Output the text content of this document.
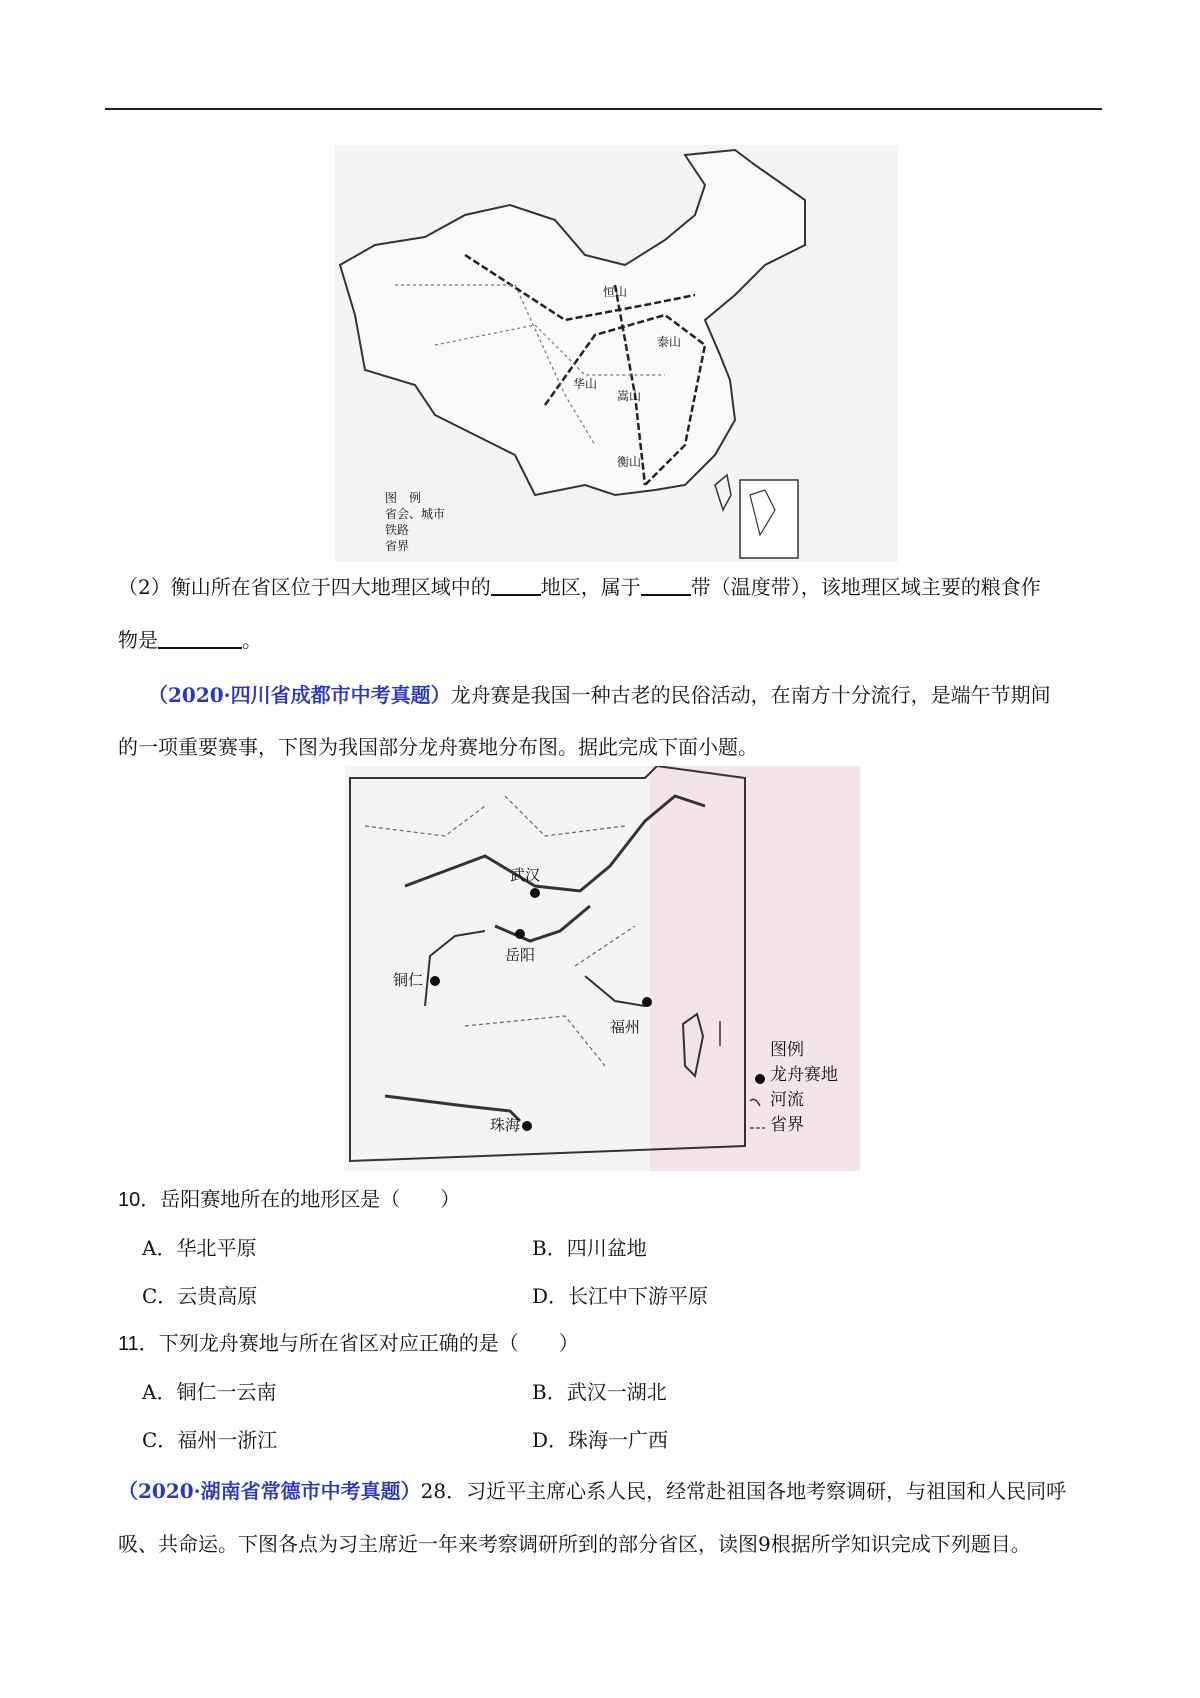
恒山
泰山
华山
嵩山
衡山
图　例
省会、城市
铁路
省界
（2）衡山所在省区位于四大地理区域中的	地区，属于	带（温度带），该地理区域主要的粮食作
物是	。
（2020·四川省成都市中考真题）龙舟赛是我国一种古老的民俗活动，在南方十分流行，是端午节期间
的一项重要赛事，下图为我国部分龙舟赛地分布图。据此完成下面小题。
武汉
岳阳
铜仁
福州
珠海
图例
龙舟赛地
河流
省界
10．岳阳赛地所在的地形区是（　　）
A．华北平原	B．四川盆地
C．云贵高原	D．长江中下游平原
11．下列龙舟赛地与所在省区对应正确的是（　　）
A．铜仁一云南	B．武汉一湖北
C．福州一浙江	D．珠海一广西
（2020·湖南省常德市中考真题）28．习近平主席心系人民，经常赴祖国各地考察调研，与祖国和人民同呼
吸、共命运。下图各点为习主席近一年来考察调研所到的部分省区，读图9根据所学知识完成下列题目。
